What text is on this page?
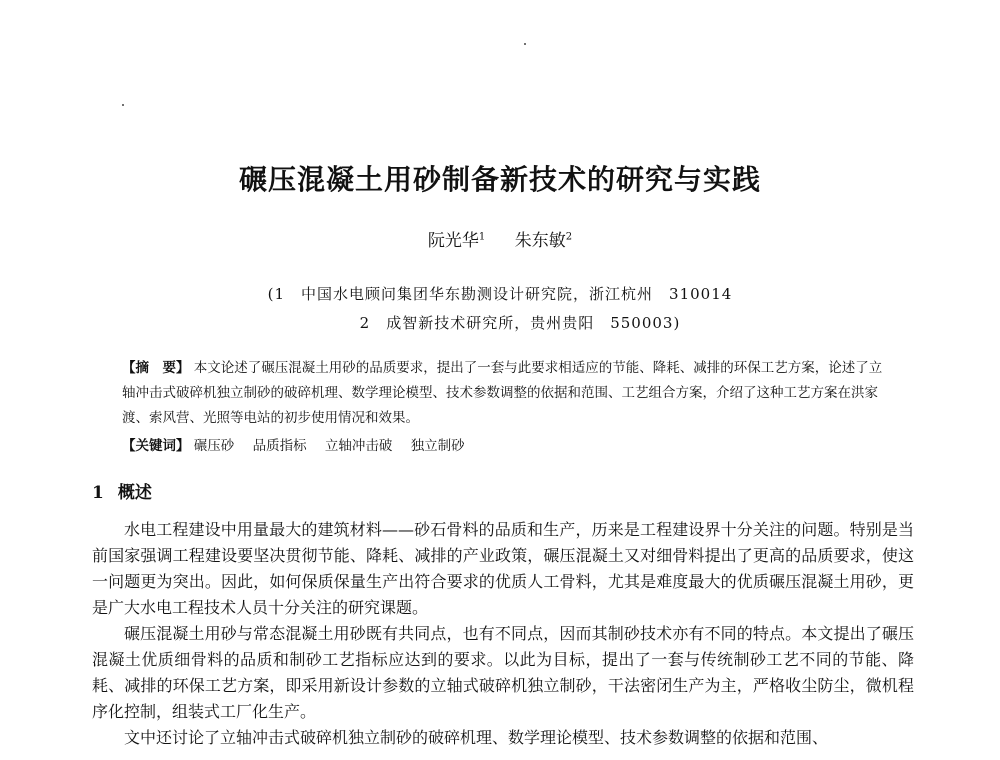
碾压混凝土用砂制备新技术的研究与实践
阮光华$^1$ 朱东敏$^2$
(1　中国水电顾问集团华东勘测设计研究院，浙江杭州　310014
2　成智新技术研究所，贵州贵阳　550003)
【摘　要】 本文论述了碾压混凝土用砂的品质要求，提出了一套与此要求相适应的节能、降耗、减排的环保工艺方案，论述了立轴冲击式破碎机独立制砂的破碎机理、数学理论模型、技术参数调整的依据和范围、工艺组合方案，介绍了这种工艺方案在洪家渡、索风营、光照等电站的初步使用情况和效果。
【关键词】 碾压砂 品质指标 立轴冲击破 独立制砂
1 概述

水电工程建设中用量最大的建筑材料——砂石骨料的品质和生产，历来是工程建设界十分关注的问题。特别是当前国家强调工程建设要坚决贯彻节能、降耗、减排的产业政策，碾压混凝土又对细骨料提出了更高的品质要求，使这一问题更为突出。因此，如何保质保量生产出符合要求的优质人工骨料，尤其是难度最大的优质碾压混凝土用砂，更是广大水电工程技术人员十分关注的研究课题。

碾压混凝土用砂与常态混凝土用砂既有共同点，也有不同点，因而其制砂技术亦有不同的特点。本文提出了碾压混凝土优质细骨料的品质和制砂工艺指标应达到的要求。以此为目标，提出了一套与传统制砂工艺不同的节能、降耗、减排的环保工艺方案，即采用新设计参数的立轴式破碎机独立制砂，干法密闭生产为主，严格收尘防尘，微机程序化控制，组装式工厂化生产。

文中还讨论了立轴冲击式破碎机独立制砂的破碎机理、数学理论模型、技术参数调整的依据和范围、
